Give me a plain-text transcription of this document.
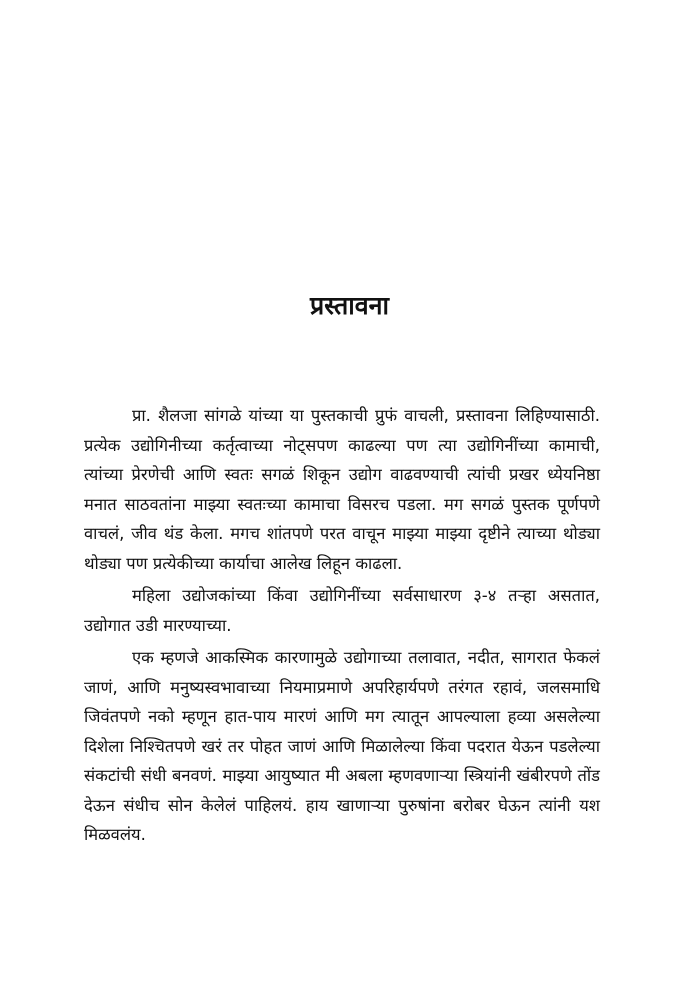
प्रस्तावना

प्रा. शैलजा सांगळे यांच्या या पुस्तकाची प्रुफं वाचली, प्रस्तावना लिहिण्यासाठी. प्रत्येक उद्योगिनीच्या कर्तृत्वाच्या नोट्सपण काढल्या पण त्या उद्योगिनींच्या कामाची, त्यांच्या प्रेरणेची आणि स्वतः सगळं शिकून उद्योग वाढवण्याची त्यांची प्रखर ध्येयनिष्ठा मनात साठवतांना माझ्या स्वतःच्या कामाचा विसरच पडला. मग सगळं पुस्तक पूर्णपणे वाचलं, जीव थंड केला. मगच शांतपणे परत वाचून माझ्या माझ्या दृष्टीने त्याच्या थोड्या थोड्या पण प्रत्येकीच्या कार्याचा आलेख लिहून काढला.

महिला उद्योजकांच्या किंवा उद्योगिनींच्या सर्वसाधारण ३-४ तऱ्हा असतात, उद्योगात उडी मारण्याच्या.

एक म्हणजे आकस्मिक कारणामुळे उद्योगाच्या तलावात, नदीत, सागरात फेकलं जाणं, आणि मनुष्यस्वभावाच्या नियमाप्रमाणे अपरिहार्यपणे तरंगत रहावं, जलसमाधि जिवंतपणे नको म्हणून हात-पाय मारणं आणि मग त्यातून आपल्याला हव्या असलेल्या दिशेला निश्चितपणे खरं तर पोहत जाणं आणि मिळालेल्या किंवा पदरात येऊन पडलेल्या संकटांची संधी बनवणं. माझ्या आयुष्यात मी अबला म्हणवणाऱ्या स्त्रियांनी खंबीरपणे तोंड देऊन संधीच सोन केलेलं पाहिलयं. हाय खाणाऱ्या पुरुषांना बरोबर घेऊन त्यांनी यश मिळवलंय.
